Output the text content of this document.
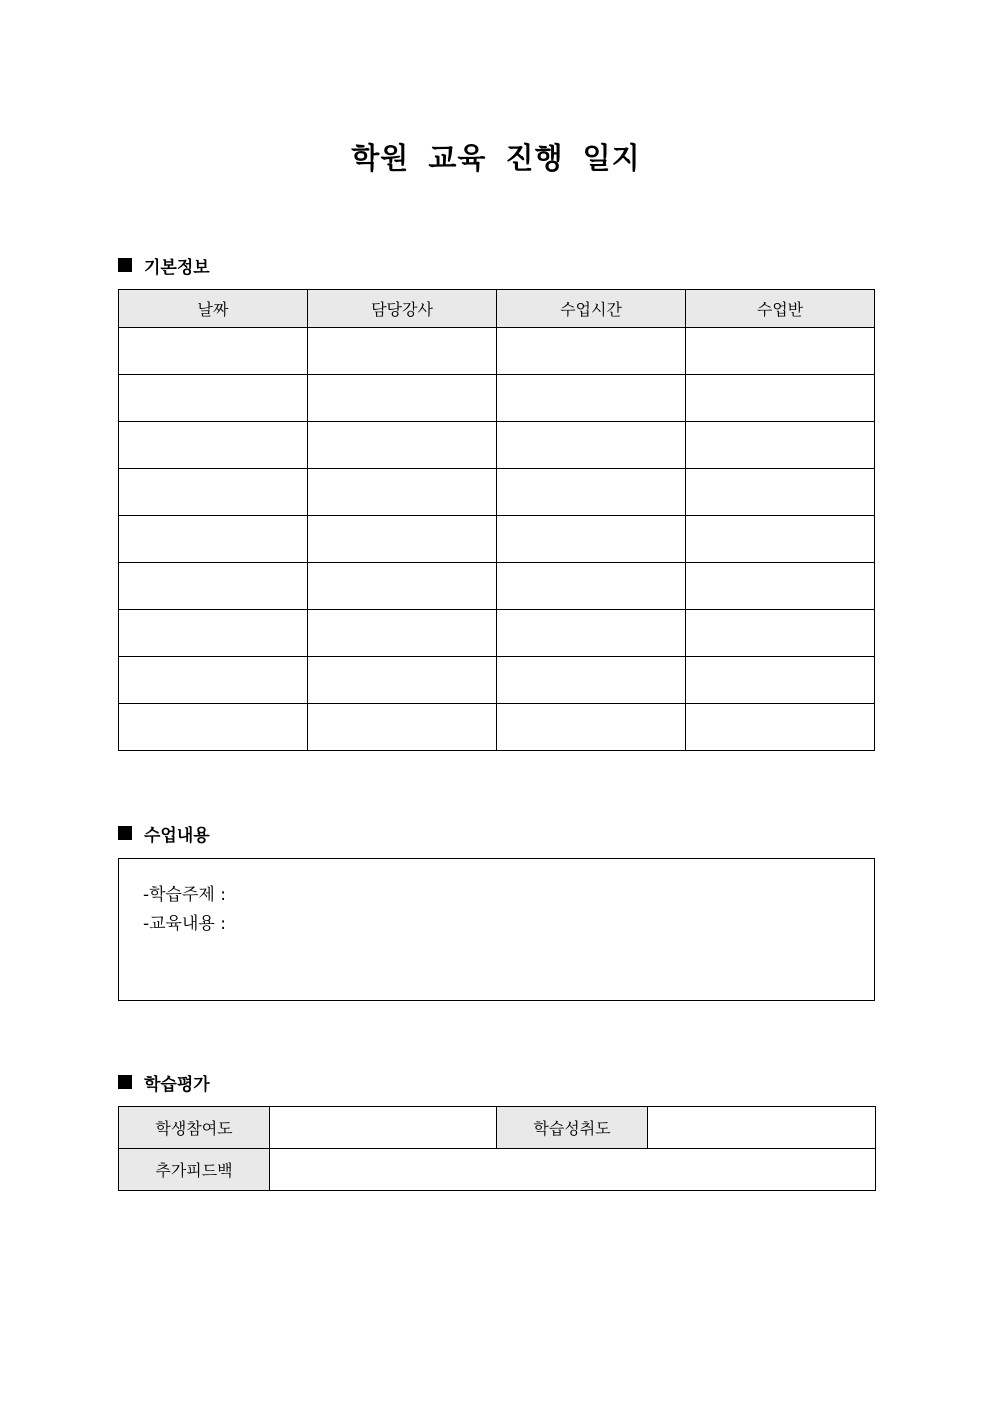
학원 교육 진행 일지
기본정보
날짜	담당강사	수업시간	수업반

수업내용
-학습주제 :
-교육내용 :
학습평가
학생참여도		학습성취도	
추가피드백			
